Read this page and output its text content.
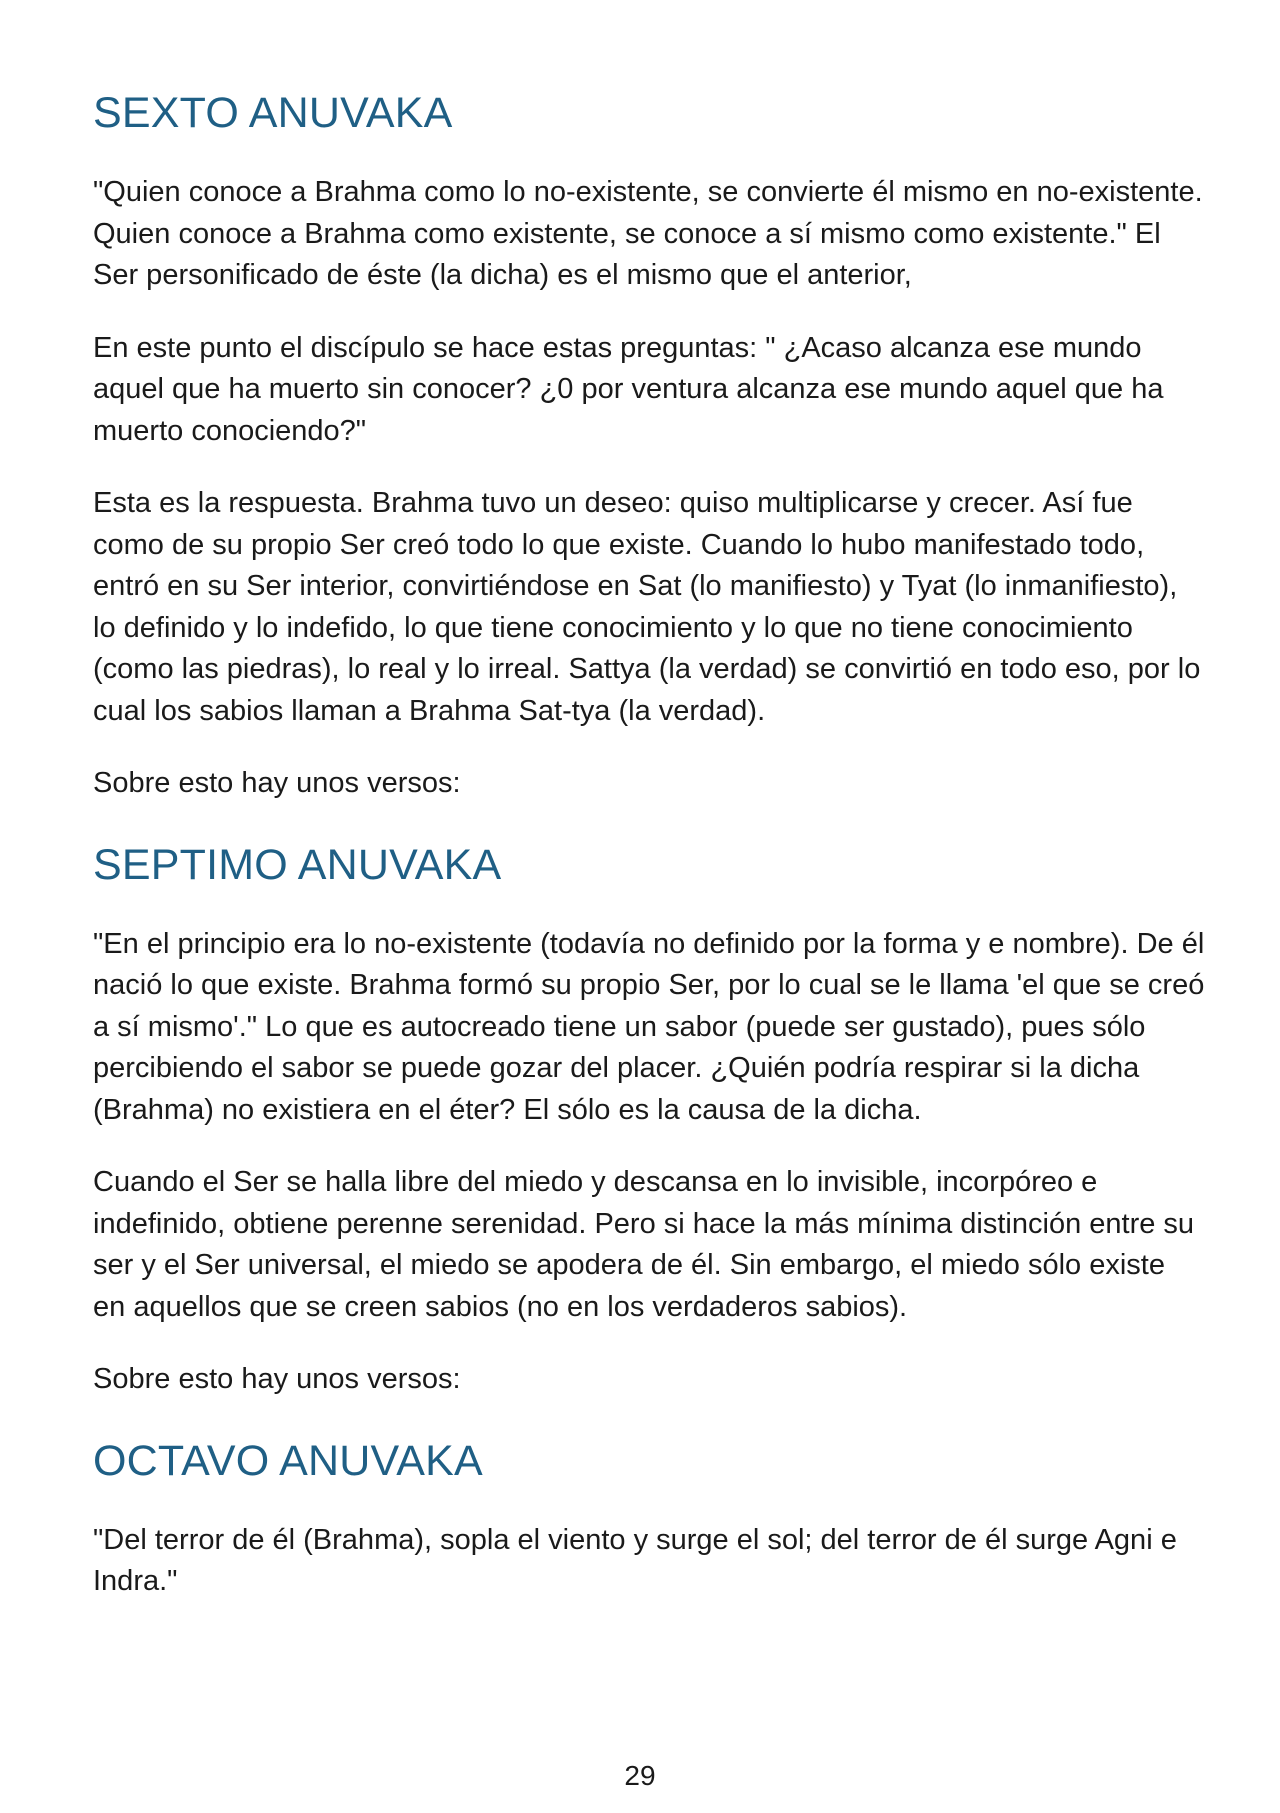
SEXTO ANUVAKA

"Quien conoce a Brahma como lo no-existente, se convierte él mismo en no-existente. Quien conoce a Brahma como existente, se conoce a sí mismo como existente." El Ser personificado de éste (la dicha) es el mismo que el anterior,

En este punto el discípulo se hace estas preguntas: " ¿Acaso alcanza ese mundo aquel que ha muerto sin conocer? ¿0 por ventura alcanza ese mundo aquel que ha muerto conociendo?"

Esta es la respuesta. Brahma tuvo un deseo: quiso multiplicarse y crecer. Así fue como de su propio Ser creó todo lo que existe. Cuando lo hubo manifestado todo, entró en su Ser interior, convirtiéndose en Sat (lo manifiesto) y Tyat (lo inmanifiesto), lo definido y lo indefido, lo que tiene conocimiento y lo que no tiene conocimiento (como las piedras), lo real y lo irreal. Sattya (la verdad) se convirtió en todo eso, por lo cual los sabios llaman a Brahma Sat-tya (la verdad).

Sobre esto hay unos versos:

SEPTIMO ANUVAKA

"En el principio era lo no-existente (todavía no definido por la forma y e nombre). De él nació lo que existe. Brahma formó su propio Ser, por lo cual se le llama 'el que se creó a sí mismo'." Lo que es autocreado tiene un sabor (puede ser gustado), pues sólo percibiendo el sabor se puede gozar del placer. ¿Quién podría respirar si la dicha (Brahma) no existiera en el éter? El sólo es la causa de la dicha.

Cuando el Ser se halla libre del miedo y descansa en lo invisible, incorpóreo e indefinido, obtiene perenne serenidad. Pero si hace la más mínima distinción entre su ser y el Ser universal, el miedo se apodera de él. Sin embargo, el miedo sólo existe en aquellos que se creen sabios (no en los verdaderos sabios).

Sobre esto hay unos versos:

OCTAVO ANUVAKA

"Del terror de él (Brahma), sopla el viento y surge el sol; del terror de él surge Agni e Indra."

29
